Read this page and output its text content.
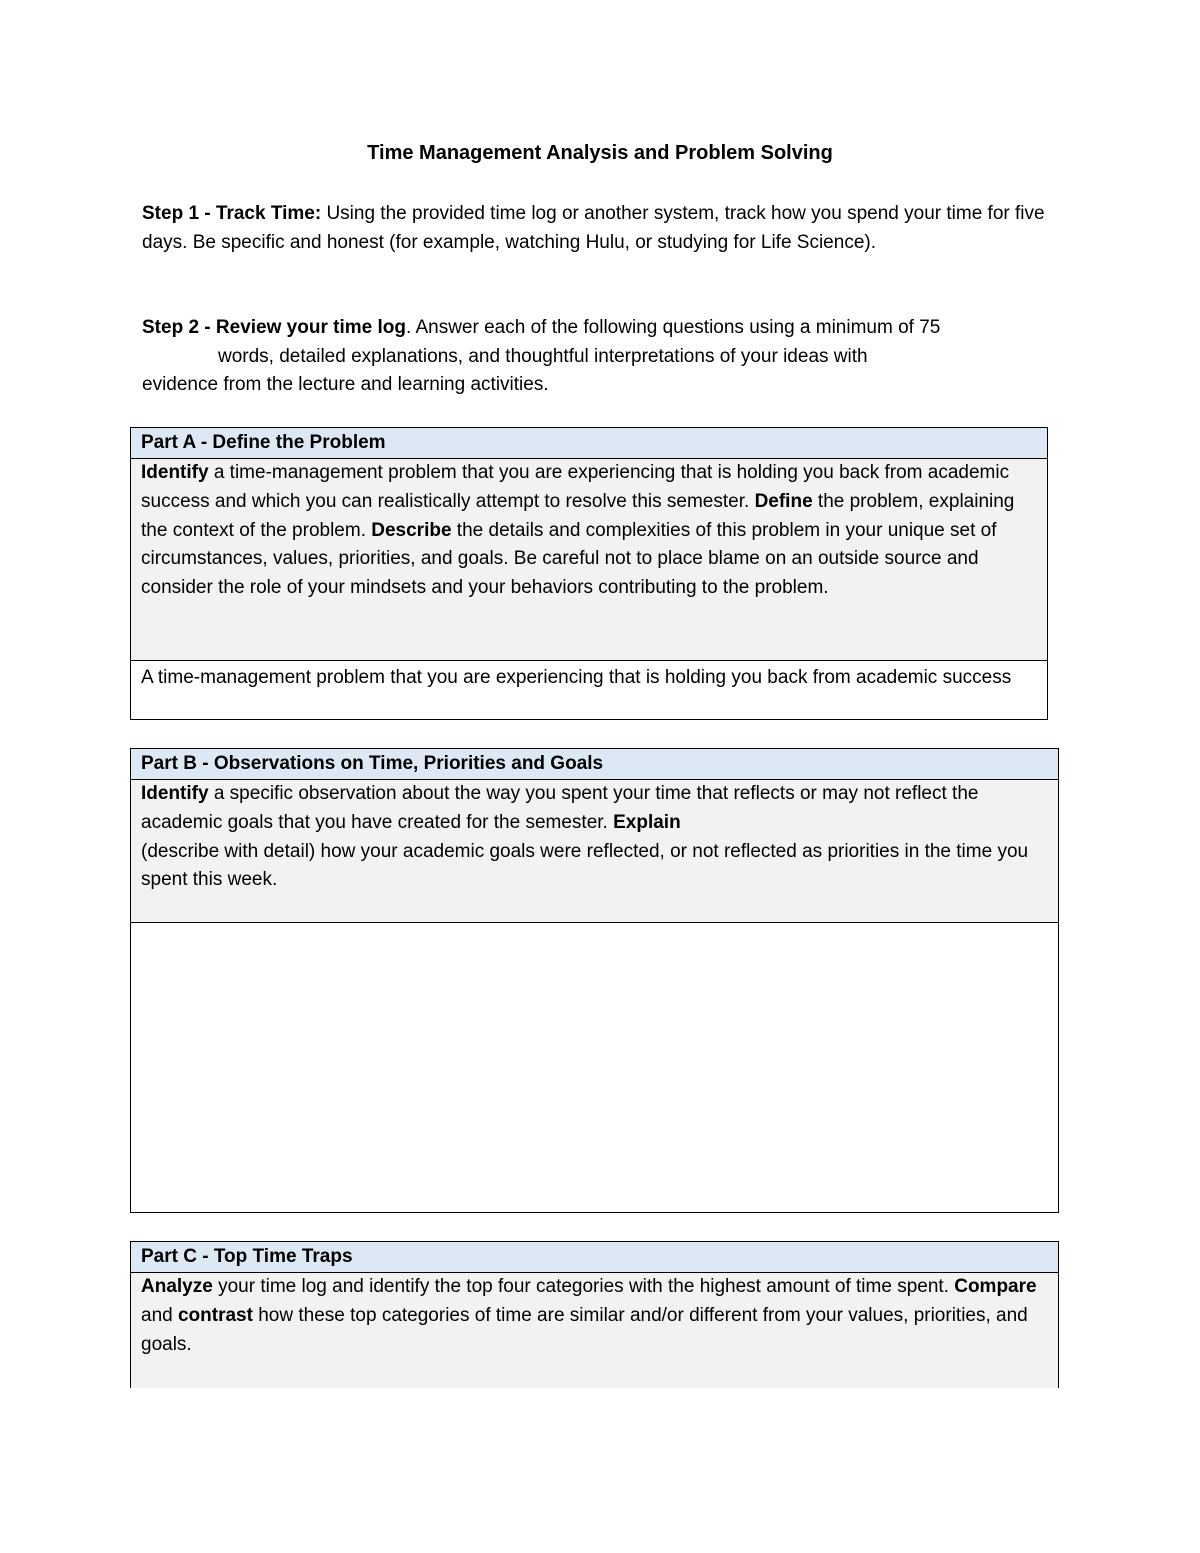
Time Management Analysis and Problem Solving
Step 1 - Track Time: Using the provided time log or another system, track how you spend your time for five days. Be specific and honest (for example, watching Hulu, or studying for Life Science).
Step 2 - Review your time log. Answer each of the following questions using a minimum of 75
words, detailed explanations, and thoughtful interpretations of your ideas with
evidence from the lecture and learning activities.
Part A - Define the Problem
Identify a time-management problem that you are experiencing that is holding you back from academic success and which you can realistically attempt to resolve this semester. Define the problem, explaining the context of the problem. Describe the details and complexities of this problem in your unique set of circumstances, values, priorities, and goals. Be careful not to place blame on an outside source and consider the role of your mindsets and your behaviors contributing to the problem.
A time-management problem that you are experiencing that is holding you back from academic success
Part B - Observations on Time, Priorities and Goals
Identify a specific observation about the way you spent your time that reflects or may not reflect the academic goals that you have created for the semester. Explain
(describe with detail) how your academic goals were reflected, or not reflected as priorities in the time you spent this week.
Part C - Top Time Traps
Analyze your time log and identify the top four categories with the highest amount of time spent. Compare and contrast how these top categories of time are similar and/or different from your values, priorities, and goals.
